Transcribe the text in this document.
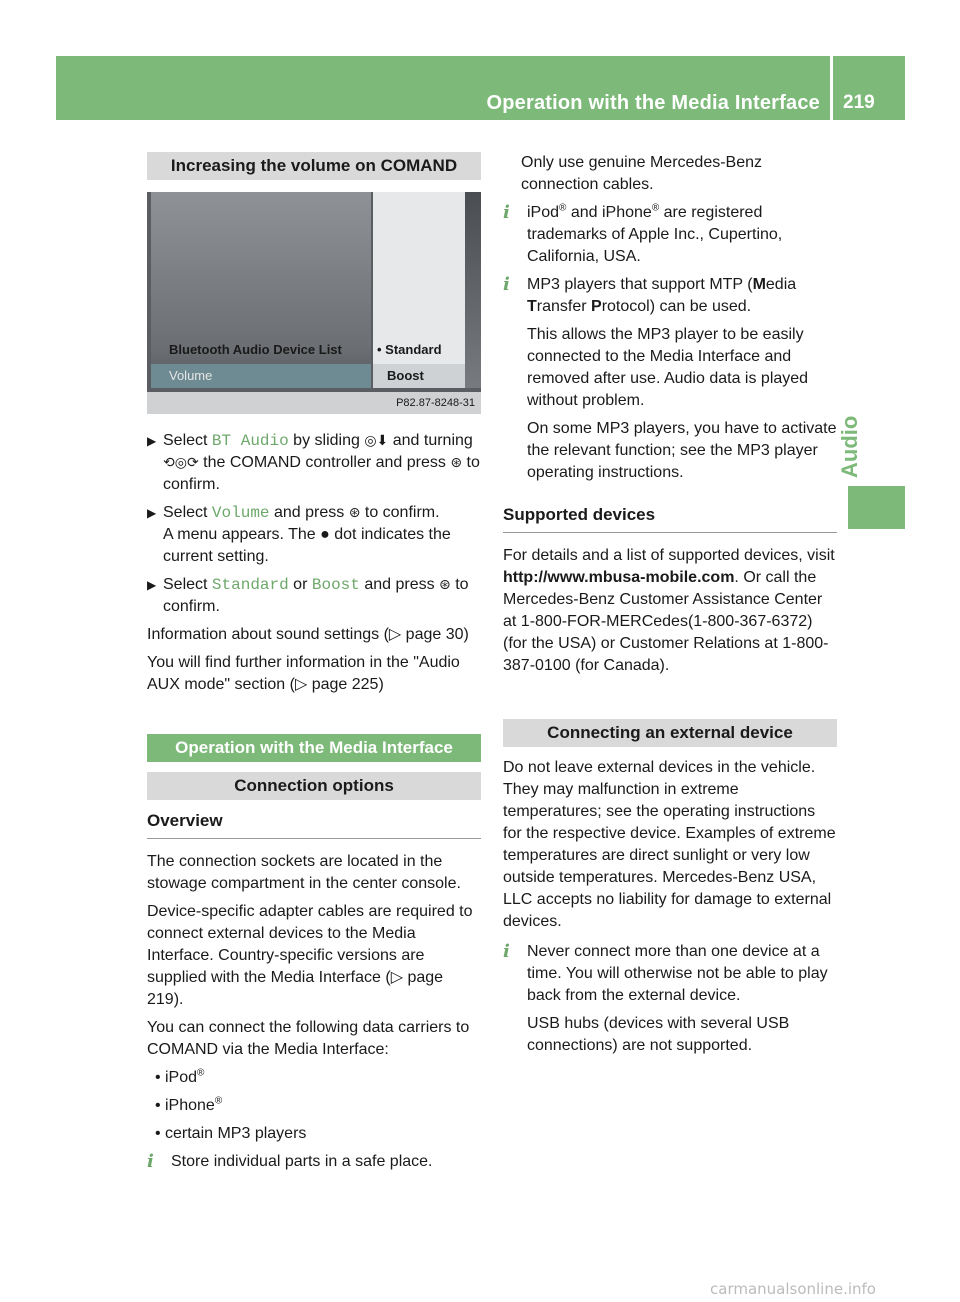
Operation with the Media Interface 219
Audio
Increasing the volume on COMAND
Bluetooth Audio Device List
Volume
• Standard
Boost
P82.87-8248-31
▶ Select BT Audio by sliding ◎⬇ and turning ⟲◎⟳ the COMAND controller and press ⊛ to confirm.

▶ Select Volume and press ⊛ to confirm.

A menu appears. The ● dot indicates the current setting.

▶ Select Standard or Boost and press ⊛ to confirm.

Information about sound settings (▷ page 30)

You will find further information in the "Audio AUX mode" section (▷ page 225)

Operation with the Media Interface
Connection options
Overview

The connection sockets are located in the stowage compartment in the center console.

Device-specific adapter cables are required to connect external devices to the Media Interface. Country-specific versions are supplied with the Media Interface (▷ page 219).

You can connect the following data carriers to COMAND via the Media Interface:

• iPod®

• iPhone®

• certain MP3 players

i	Store individual parts in a safe place.

Only use genuine Mercedes-Benz connection cables.

i	iPod® and iPhone® are registered trademarks of Apple Inc., Cupertino, California, USA.

i	MP3 players that support MTP (Media Transfer Protocol) can be used.

This allows the MP3 player to be easily connected to the Media Interface and removed after use. Audio data is played without problem.

On some MP3 players, you have to activate the relevant function; see the MP3 player operating instructions.

Supported devices

For details and a list of supported devices, visit http://www.mbusa-mobile.com. Or call the Mercedes-Benz Customer Assistance Center at 1-800-FOR-MERCedes(1-800-367-6372) (for the USA) or Customer Relations at 1-800-387-0100 (for Canada).

Connecting an external device

Do not leave external devices in the vehicle. They may malfunction in extreme temperatures; see the operating instructions for the respective device. Examples of extreme temperatures are direct sunlight or very low outside temperatures. Mercedes-Benz USA, LLC accepts no liability for damage to external devices.

i	Never connect more than one device at a time. You will otherwise not be able to play back from the external device.

USB hubs (devices with several USB connections) are not supported.

carmanualsonline.info
